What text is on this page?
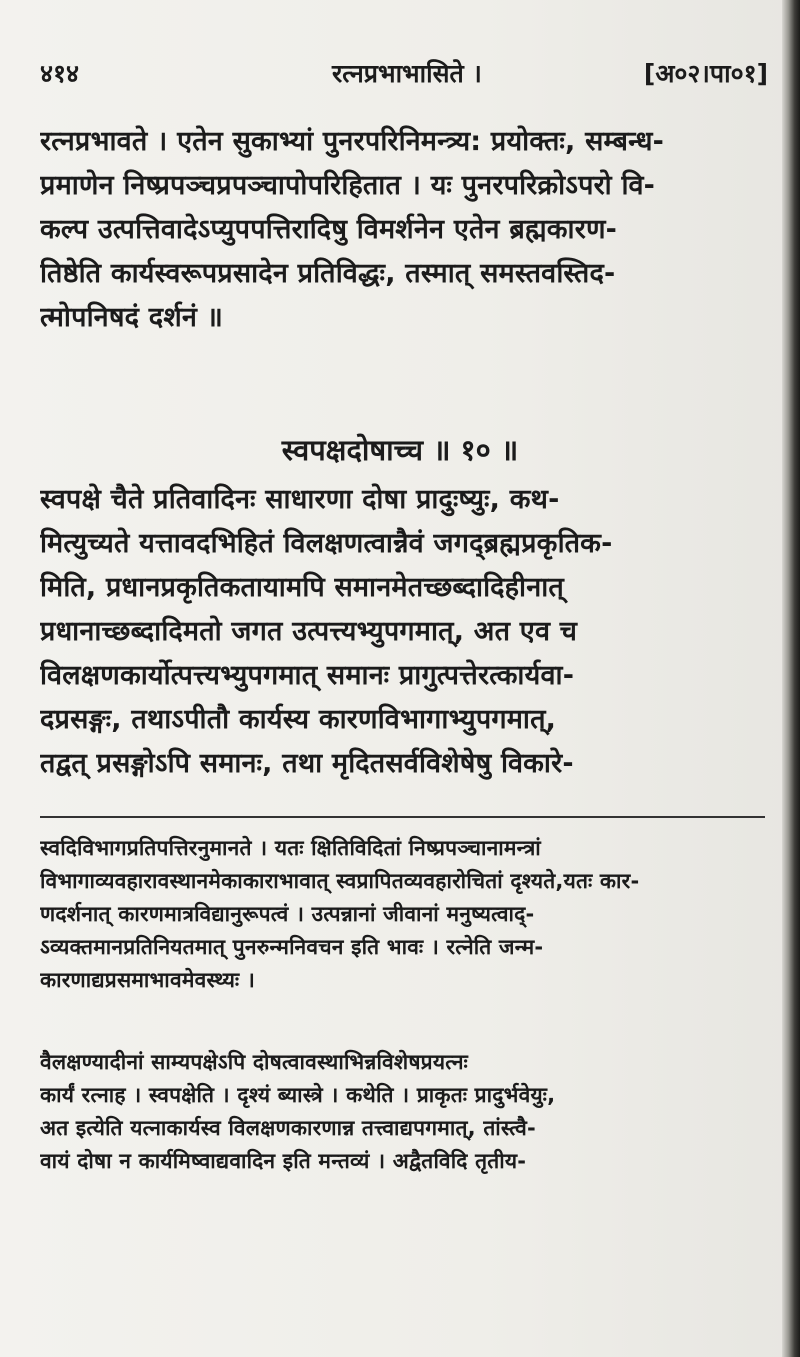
४१४	रत्नप्रभाभासिते ।	[अ०२।पा०१]
रत्नप्रभावते । एतेन सुकाभ्यां पुनरपरिनिमन्त्र्य: प्रयोक्तः, सम्बन्ध-
प्रमाणेन निष्प्रपञ्चप्रपञ्चापोपरिहितात । यः पुनरपरिक्रोऽपरो वि-
कल्प उत्पत्तिवादेऽप्युपपत्तिरादिषु विमर्शनेन एतेन ब्रह्मकारण-
तिष्ठेति कार्यस्वरूपप्रसादेन प्रतिविद्धः, तस्मात् समस्तवस्तिद-
त्मोपनिषदं दर्शनं ॥
स्वपक्षदोषाच्च ॥ १० ॥
स्वपक्षे चैते प्रतिवादिनः साधारणा दोषा प्रादुःष्युः, कथ-
मित्युच्यते यत्तावदभिहितं विलक्षणत्वान्नैवं जगद्ब्रह्मप्रकृतिक-
मिति, प्रधानप्रकृतिकतायामपि समानमेतच्छब्दादिहीनात्
प्रधानाच्छब्दादिमतो जगत उत्पत्त्यभ्युपगमात्, अत एव च
विलक्षणकार्योत्पत्त्यभ्युपगमात् समानः प्रागुत्पत्तेरत्कार्यवा-
दप्रसङ्गः, तथाऽपीतौ कार्यस्य कारणविभागाभ्युपगमात्,
तद्वत् प्रसङ्गोऽपि समानः, तथा मृदितसर्वविशेषेषु विकारे-
स्वदिविभागप्रतिपत्तिरनुमानते । यतः क्षितिविदितां निष्प्रपञ्चानामन्त्रां
विभागाव्यवहारावस्थानमेकाकाराभावात् स्वप्रापितव्यवहारोचितां दृश्यते,यतः कार-
णदर्शनात् कारणमात्रविद्यानुरूपत्वं । उत्पन्नानां जीवानां मनुष्यत्वाद्-
ऽव्यक्तमानप्रतिनियतमात् पुनरुन्मनिवचन इति भावः । रत्नेति जन्म-
कारणाद्यप्रसमाभावमेवस्थ्यः ।
वैलक्षण्यादीनां साम्यपक्षेऽपि दोषत्वावस्थाभिन्नविशेषप्रयत्नः
कार्यं रत्नाह । स्वपक्षेति । दृश्यं ब्यास्त्रे । कथेति । प्राकृतः प्रादुर्भवेयुः,
अत इत्येति यत्नाकार्यस्व विलक्षणकारणान्न तत्त्वाद्यपगमात्, तांस्त्वै-
वायं दोषा न कार्यमिष्वाद्यवादिन इति मन्तव्यं । अद्वैतविदि तृतीय-
